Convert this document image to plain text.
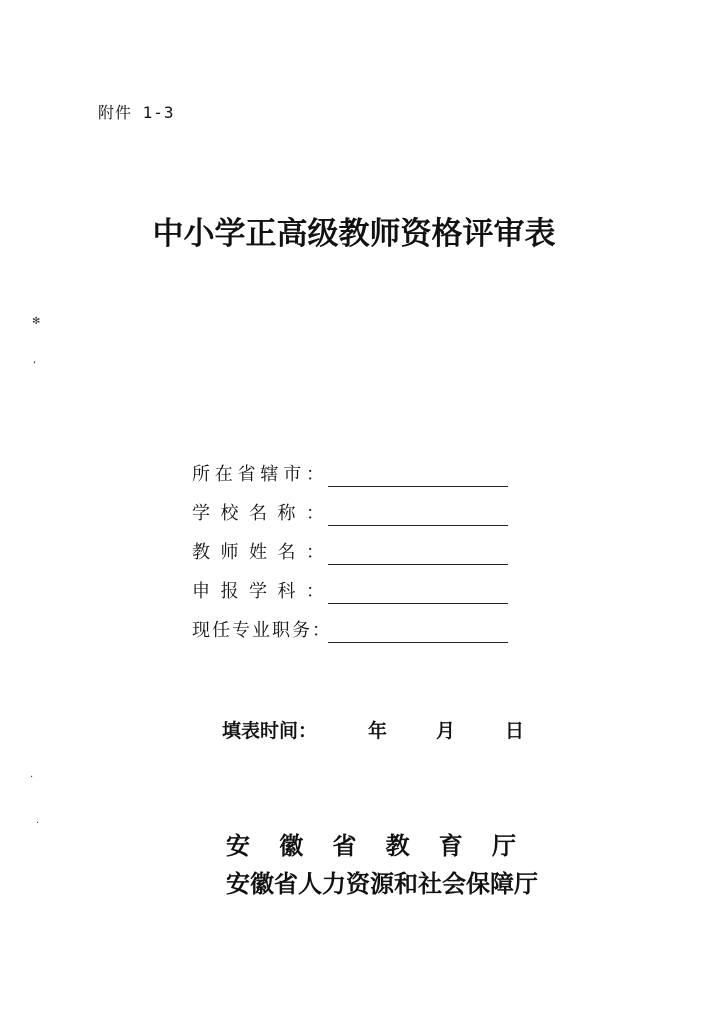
附件 1-3
中小学正高级教师资格评审表
所在省辖市：
学校名称：
教师姓名：
申报学科：
现任专业职务：
填表时间：	年	月	日
安 徽 省 教 育 厅
安徽省人力资源和社会保障厅
✻
‘
·
·
